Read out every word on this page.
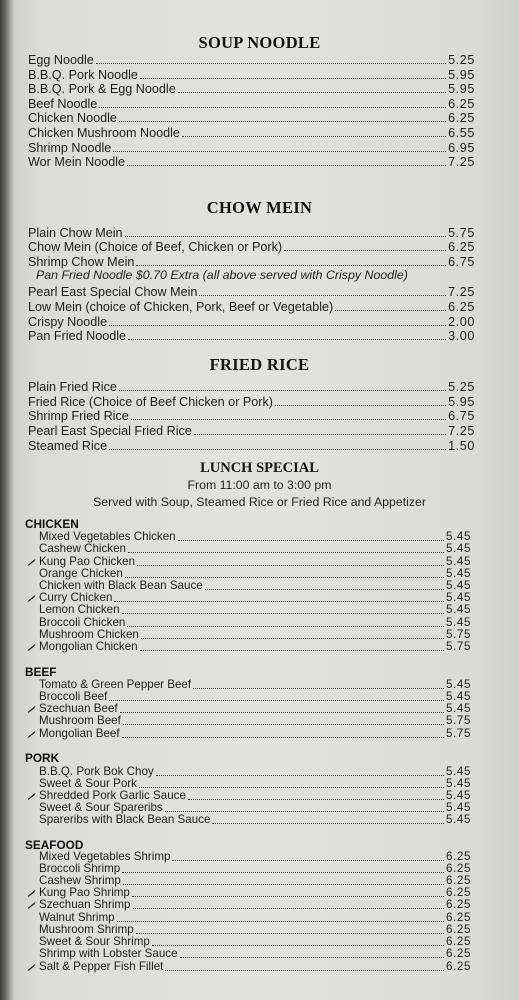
SOUP NOODLE
Egg Noodle	5.25
B.B.Q. Pork Noodle	5.95
B.B.Q. Pork & Egg Noodle	5.95
Beef Noodle	6.25
Chicken Noodle	6.25
Chicken Mushroom Noodle	6.55
Shrimp Noodle	6.95
Wor Mein Noodle	7.25
CHOW MEIN
Plain Chow Mein	5.75
Chow Mein (Choice of Beef, Chicken or Pork)	6.25
Shrimp Chow Mein	6.75
Pan Fried Noodle $0.70 Extra (all above served with Crispy Noodle)
Pearl East Special Chow Mein	7.25
Low Mein (choice of Chicken, Pork, Beef or Vegetable)	6.25
Crispy Noodle	2.00
Pan Fried Noodle	3.00
FRIED RICE
Plain Fried Rice	5.25
Fried Rice (Choice of Beef Chicken or Pork)	5.95
Shrimp Fried Rice	6.75
Pearl East Special Fried Rice	7.25
Steamed Rice	1.50
LUNCH SPECIAL
From 11:00 am to 3:00 pm
Served with Soup, Steamed Rice or Fried Rice and Appetizer
CHICKEN
Mixed Vegetables Chicken	5.45
Cashew Chicken	5.45
Kung Pao Chicken	5.45
Orange Chicken	5.45
Chicken with Black Bean Sauce	5.45
Curry Chicken	5.45
Lemon Chicken	5.45
Broccoli Chicken	5.45
Mushroom Chicken	5.75
Mongolian Chicken	5.75
BEEF
Tomato & Green Pepper Beef	5.45
Broccoli Beef	5.45
Szechuan Beef	5.45
Mushroom Beef	5.75
Mongolian Beef	5.75
PORK
B.B.Q. Pork Bok Choy	5.45
Sweet & Sour Pork	5.45
Shredded Pork Garlic Sauce	5.45
Sweet & Sour Spareribs	5.45
Spareribs with Black Bean Sauce	5.45
SEAFOOD
Mixed Vegetables Shrimp	6.25
Broccoli Shrimp	6.25
Cashew Shrimp	6.25
Kung Pao Shrimp	6.25
Szechuan Shrimp	6.25
Walnut Shrimp	6.25
Mushroom Shrimp	6.25
Sweet & Sour Shrimp	6.25
Shrimp with Lobster Sauce	6.25
Salt & Pepper Fish Fillet	6.25
